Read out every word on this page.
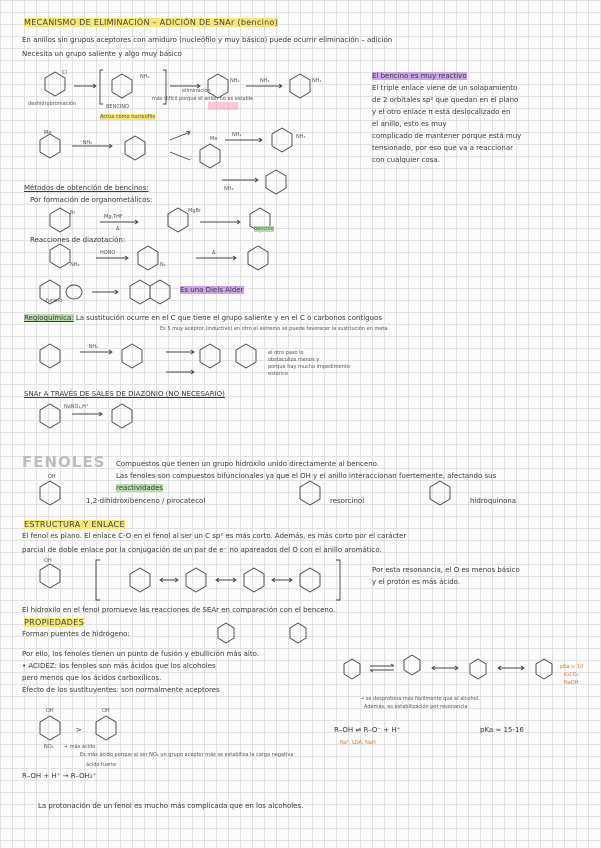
MECANISMO DE ELIMINACIÓN – ADICIÓN DE SNAr (bencino)
En anillos sin grupos aceptores con amiduro (nucleófilo y muy básico) puede ocurrir eliminación – adición
Necesita un grupo saliente y algo muy básico
Cl
NH₂
NH₂	NH₂	NH₂
deshidrobromación	BENCINO
Actúa como nucleófilo
más difícil porque el anión no es estable
eliminación
Me
⁻NH₂
Me
NH₂	NH₂
NH₂
El bencino es muy reactivo
El triple enlace viene de un solapamiento
de 2 orbitales sp² que quedan en el plano
y el otro enlace π está deslocalizado en
el anillo, esto es muy
complicado de mantener porque está muy
tensionado, por eso que va a reaccionar
con cualquier cosa.
Métodos de obtención de bencinos:
Por formación de organometálicos:
Br
Mg,THF
Δ
MgBr
bencino
Reacciones de diazotación:
HONO
NH₂	N₂
Δ
Es una Diels Alder
furano
Regioquímica: La sustitución ocurre en el C que tiene el grupo saliente y en el C o carbonos contiguos
Es 5 muy aceptor (inductivo) en otro el extremo se puede favorecer la sustitución en meta
⁻NH₂
el otro paso lo
obstaculiza menos y
porque hay mucho impedimento
estérico
SNAr A TRAVÉS DE SALES DE DIAZONIO (NO NECESARIO)
NaNO₂,H⁺
FENOLES Compuestos que tienen un grupo hidroxilo unido directamente al benceno.
Las fenoles son compuestos bifuncionales ya que el OH y el anillo interaccionan fuertemente, afectando sus
reactividades
OH
1,2-dihidroxibenceno / pirocatecol	resorcinol	hidroquinona
ESTRUCTURA Y ENLACE
El fenol es plano. El enlace C-O en el fenol al ser un C sp² es más corto. Además, es más corto por el carácter
parcial de doble enlace por la conjugación de un par de e⁻ no apareados del O con el anillo aromático.
OH
Por esta resonancia, el O es menos básico
y el protón es más ácido.
El hidroxilo en el fenol promueve las reacciones de SEAr en comparación con el benceno.
PROPIEDADES
Forman puentes de hidrógeno:
Por ello, los fenoles tienen un punto de fusión y ebullición más alto.
• ACIDEZ: los fenoles son más ácidos que los alcoholes
pero menos que los ácidos carboxílicos.
Efecto de los sustituyentes: son normalmente aceptores
pKa ≈ 10
K₂CO₃
NaOH
→ se desprotona más fácilmente que el alcohol.
Además, es estabilización por resonancia
R–OH ⇌ R–O⁻ + H⁺	pKa ≈ 15-16
Na⁰, LDA, NaH
OH	OH
NO₂
>
+ más ácido
Es más ácido porque al ser NO₂ un grupo aceptor más se estabiliza la carga negativa
ácido fuerte
R–OH + H⁺ → R–OH₂⁺
La protonación de un fenol es mucho más complicada que en los alcoholes.
